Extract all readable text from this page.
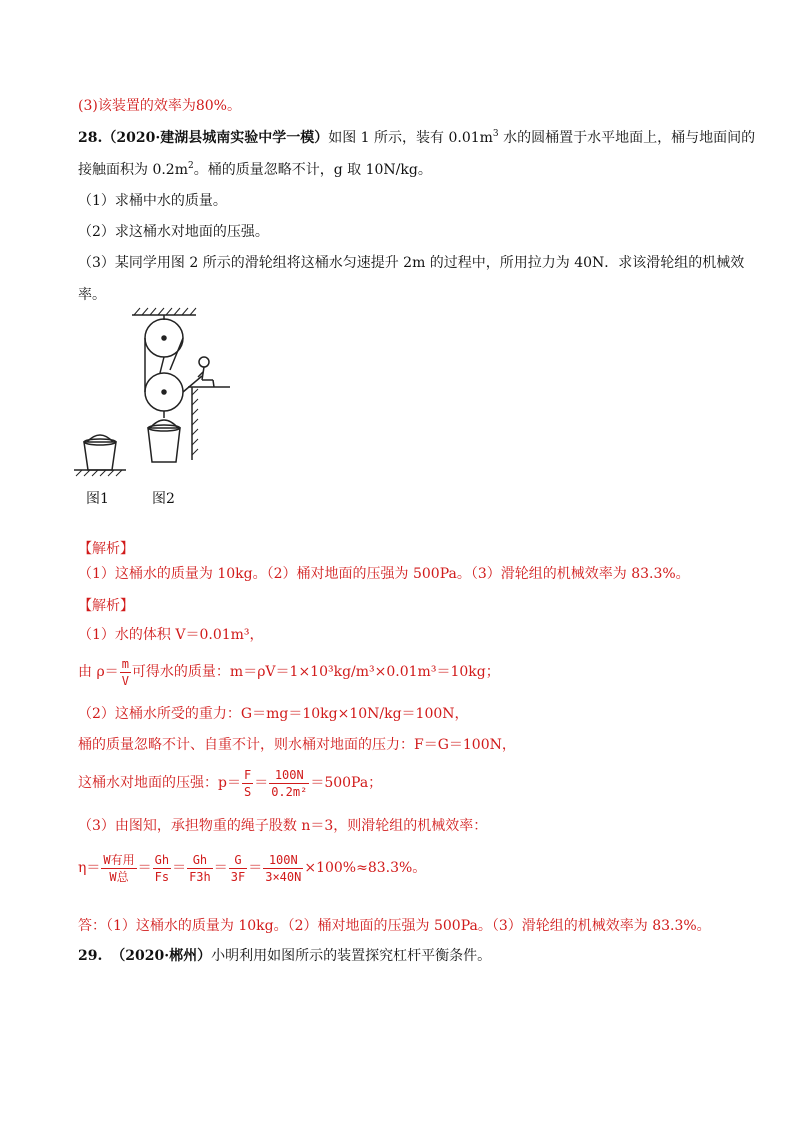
(3)该装置的效率为80%。
28.（2020·建湖县城南实验中学一模）如图 1 所示，装有 $0.01m^3$ 水的圆桶置于水平地面上，桶与地面间的
接触面积为 $0.2m^2$。桶的质量忽略不计，g 取 10N/kg。
（1）求桶中水的质量。
（2）求这桶水对地面的压强。
（3）某同学用图 2 所示的滑轮组将这桶水匀速提升 2m 的过程中，所用拉力为 40N．求该滑轮组的机械效
率。
图1	图2
【解析】
（1）这桶水的质量为 10kg。（2）桶对地面的压强为 500Pa。（3）滑轮组的机械效率为 83.3%。
【解析】
（1）水的体积 V＝0.01m³，
由 $\rho= \frac{m}{V}$ 可得水的质量：m＝ρV＝1×10³kg/m³×0.01m³＝10kg；
（2）这桶水所受的重力：G＝mg＝10kg×10N/kg＝100N，
桶的质量忽略不计、自重不计，则水桶对地面的压力：F＝G＝100N，
这桶水对地面的压强：$p= \frac{F}{S} = \frac{100N}{\text{0.2m²}} =500Pa$；
（3）由图知，承担物重的绳子股数 n＝3，则滑轮组的机械效率：
$\eta= \frac{\text{W有用}}{\text{W总}} = \frac{Gh}{Fs} = \frac{Gh}{F3h} = \frac{G}{3F} = \frac{100N}{3\times 40N} \times 100\%\approx 83.3\%$。
答：（1）这桶水的质量为 10kg。（2）桶对地面的压强为 500Pa。（3）滑轮组的机械效率为 83.3%。
29. （2020·郴州）小明利用如图所示的装置探究杠杆平衡条件。
